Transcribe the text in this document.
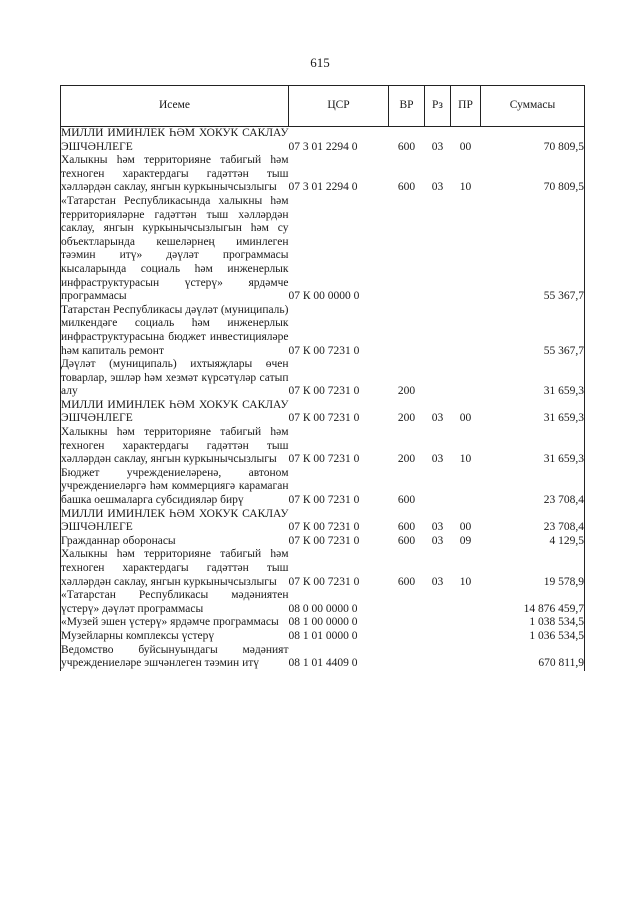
615
Исеме	ЦСР	ВР	Рз	ПР	Суммасы
МИЛЛИ ИМИНЛЕК ҺӘМ ХОКУК САКЛАУ ЭШЧӘНЛЕГЕ	07 3 01 2294 0	600	03	00	70 809,5
Халыкны һәм территорияне табигый һәм техноген характердагы гадәттән тыш хәлләрдән саклау, янгын куркынычсызлыгы	07 3 01 2294 0	600	03	10	70 809,5
«Татарстан Республикасында халыкны һәм территорияләрне гадәттән тыш хәлләрдән саклау, янгын куркынычсызлыгын һәм су объектларында кешеләрнең иминлеген тәэмин итү» дәүләт программасы кысаларында социаль һәм инженерлык инфраструктурасын үстерү» ярдәмче программасы	07 К 00 0000 0				55 367,7
Татарстан Республикасы дәүләт (муниципаль) милкендәге социаль һәм инженерлык инфраструктурасына бюджет инвестицияләре һәм капиталь ремонт	07 К 00 7231 0				55 367,7
Дәүләт (муниципаль) ихтыяҗлары өчен товарлар, эшләр һәм хезмәт күрсәтүләр сатып алу	07 К 00 7231 0	200			31 659,3
МИЛЛИ ИМИНЛЕК ҺӘМ ХОКУК САКЛАУ ЭШЧӘНЛЕГЕ	07 К 00 7231 0	200	03	00	31 659,3
Халыкны һәм территорияне табигый һәм техноген характердагы гадәттән тыш хәлләрдән саклау, янгын куркынычсызлыгы	07 К 00 7231 0	200	03	10	31 659,3
Бюджет учреждениеләренә, автоном учреждениеләргә һәм коммерциягә карамаган башка оешмаларга субсидияләр бирү	07 К 00 7231 0	600			23 708,4
МИЛЛИ ИМИНЛЕК ҺӘМ ХОКУК САКЛАУ ЭШЧӘНЛЕГЕ	07 К 00 7231 0	600	03	00	23 708,4
Гражданнар оборонасы	07 К 00 7231 0	600	03	09	4 129,5
Халыкны һәм территорияне табигый һәм техноген характердагы гадәттән тыш хәлләрдән саклау, янгын куркынычсызлыгы	07 К 00 7231 0	600	03	10	19 578,9
«Татарстан Республикасы мәдәниятен үстерү» дәүләт программасы	08 0 00 0000 0				14 876 459,7
«Музей эшен үстерү» ярдәмче программасы	08 1 00 0000 0				1 038 534,5
Музейларны комплексы үстерү	08 1 01 0000 0				1 036 534,5
Ведомство буйсынуындагы мәдәният учреждениеләре эшчәнлеген тәэмин итү	08 1 01 4409 0				670 811,9
